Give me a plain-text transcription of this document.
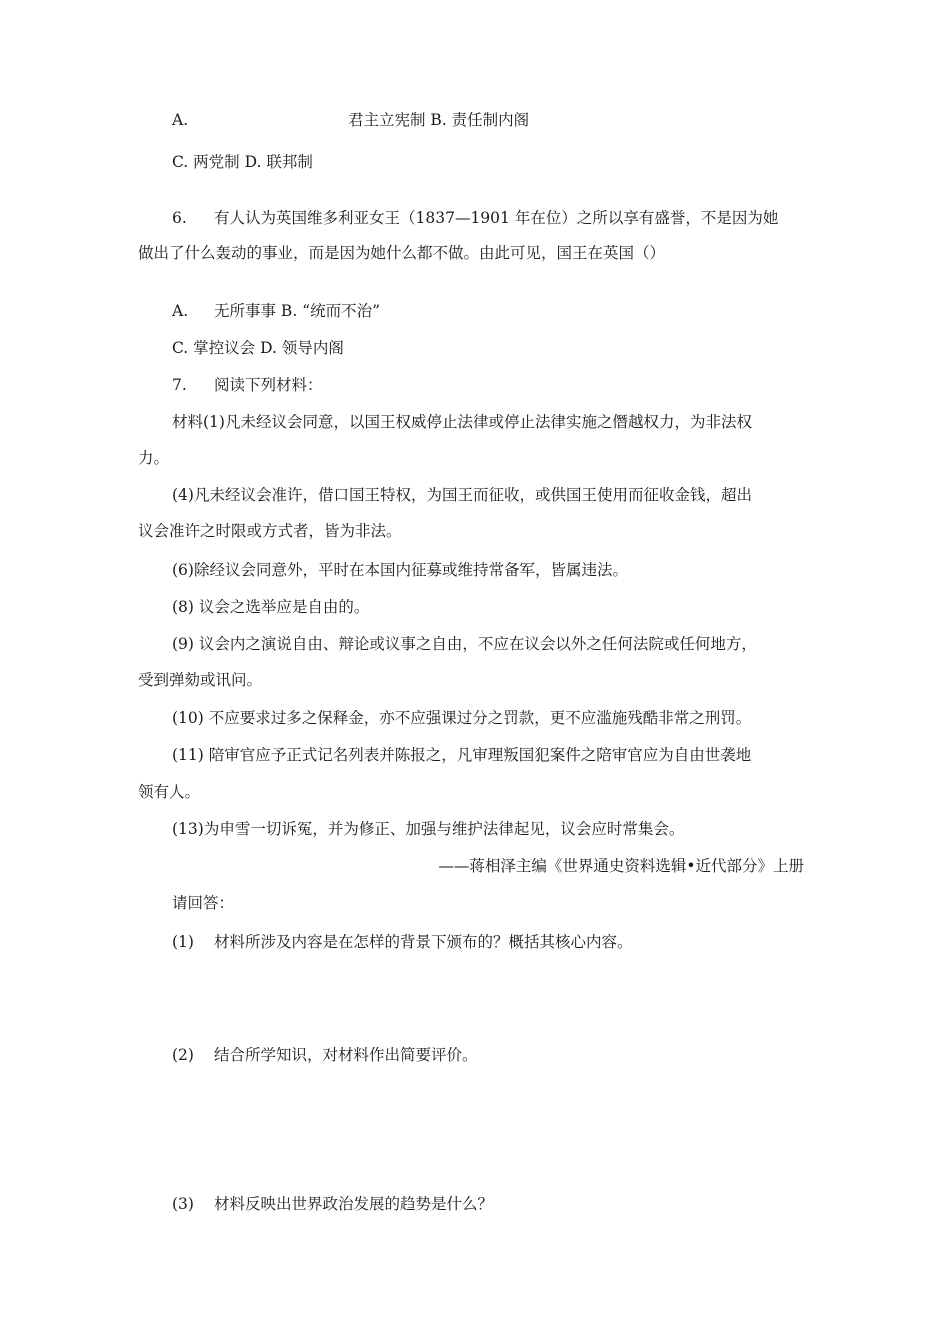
A.	君主立宪制 B. 责任制内阁
C. 两党制 D. 联邦制
6. 有人认为英国维多利亚女王（1837—1901 年在位）之所以享有盛誉，不是因为她
做出了什么轰动的事业，而是因为她什么都不做。由此可见，国王在英国（）
A. 无所事事 B. “统而不治”
C. 掌控议会 D. 领导内阁
7. 阅读下列材料：
材料(1)凡未经议会同意，以国王权威停止法律或停止法律实施之僭越权力，为非法权
力。
(4)凡未经议会准许，借口国王特权，为国王而征收，或供国王使用而征收金钱，超出
议会准许之时限或方式者，皆为非法。
(6)除经议会同意外，平时在本国内征募或维持常备军，皆属违法。
(8) 议会之选举应是自由的。
(9) 议会内之演说自由、辩论或议事之自由，不应在议会以外之任何法院或任何地方，
受到弹劾或讯问。
(10) 不应要求过多之保释金，亦不应强课过分之罚款，更不应滥施残酷非常之刑罚。
(11) 陪审官应予正式记名列表并陈报之，凡审理叛国犯案件之陪审官应为自由世袭地
领有人。
(13)为申雪一切诉冤，并为修正、加强与维护法律起见，议会应时常集会。
——蒋相泽主编《世界通史资料选辑•近代部分》上册
请回答：
(1) 材料所涉及内容是在怎样的背景下颁布的？概括其核心内容。
(2) 结合所学知识，对材料作出简要评价。
(3) 材料反映出世界政治发展的趋势是什么？
